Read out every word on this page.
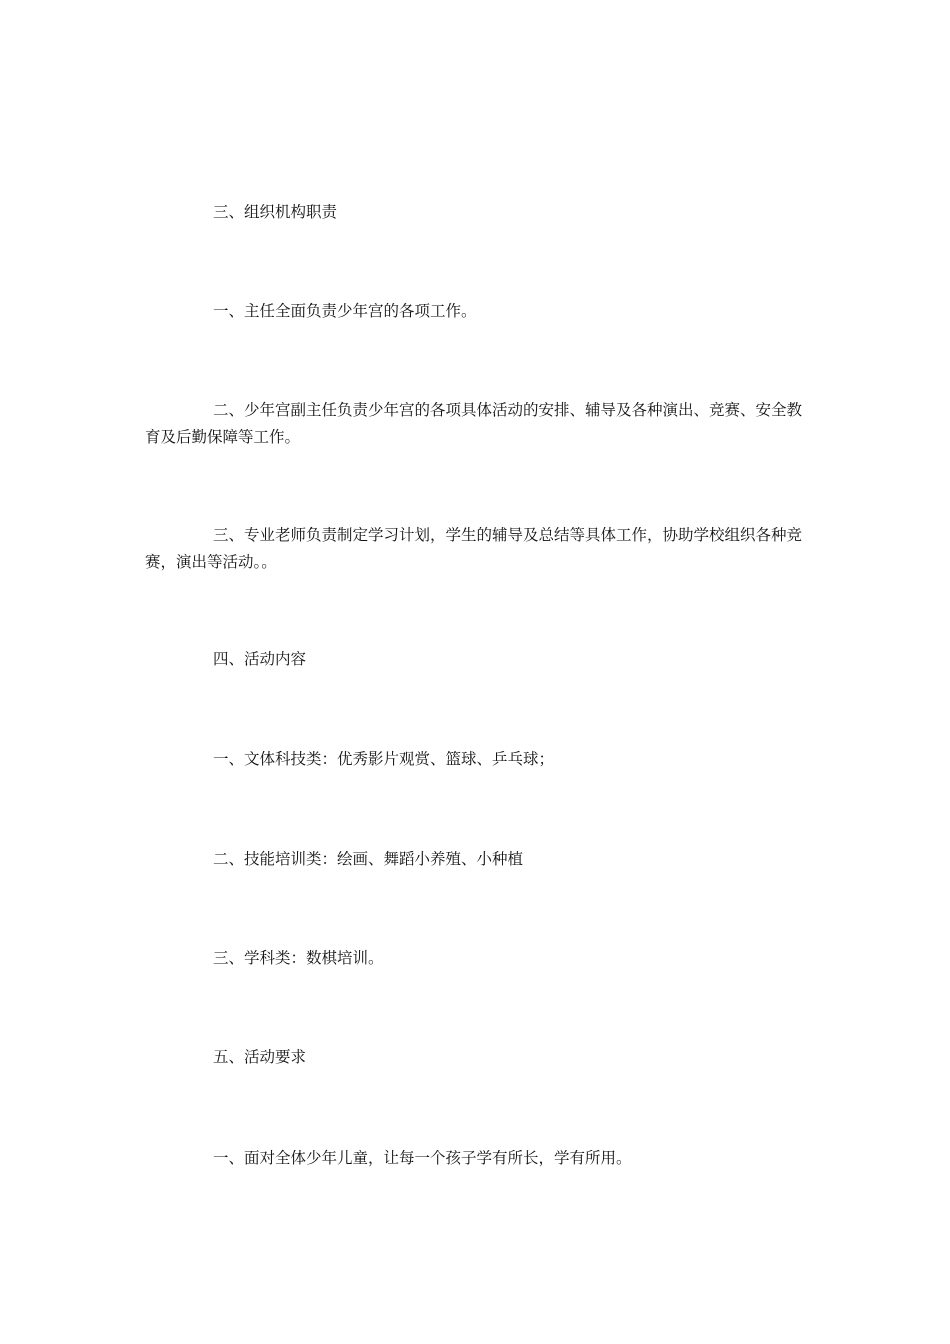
三、组织机构职责

一、主任全面负责少年宫的各项工作。

二、少年宫副主任负责少年宫的各项具体活动的安排、辅导及各种演出、竞赛、安全教育及后勤保障等工作。

三、专业老师负责制定学习计划，学生的辅导及总结等具体工作，协助学校组织各种竞赛，演出等活动。。

四、活动内容

一、文体科技类：优秀影片观赏、篮球、乒乓球；

二、技能培训类：绘画、舞蹈小养殖、小种植

三、学科类：数棋培训。

五、活动要求

一、面对全体少年儿童，让每一个孩子学有所长，学有所用。
